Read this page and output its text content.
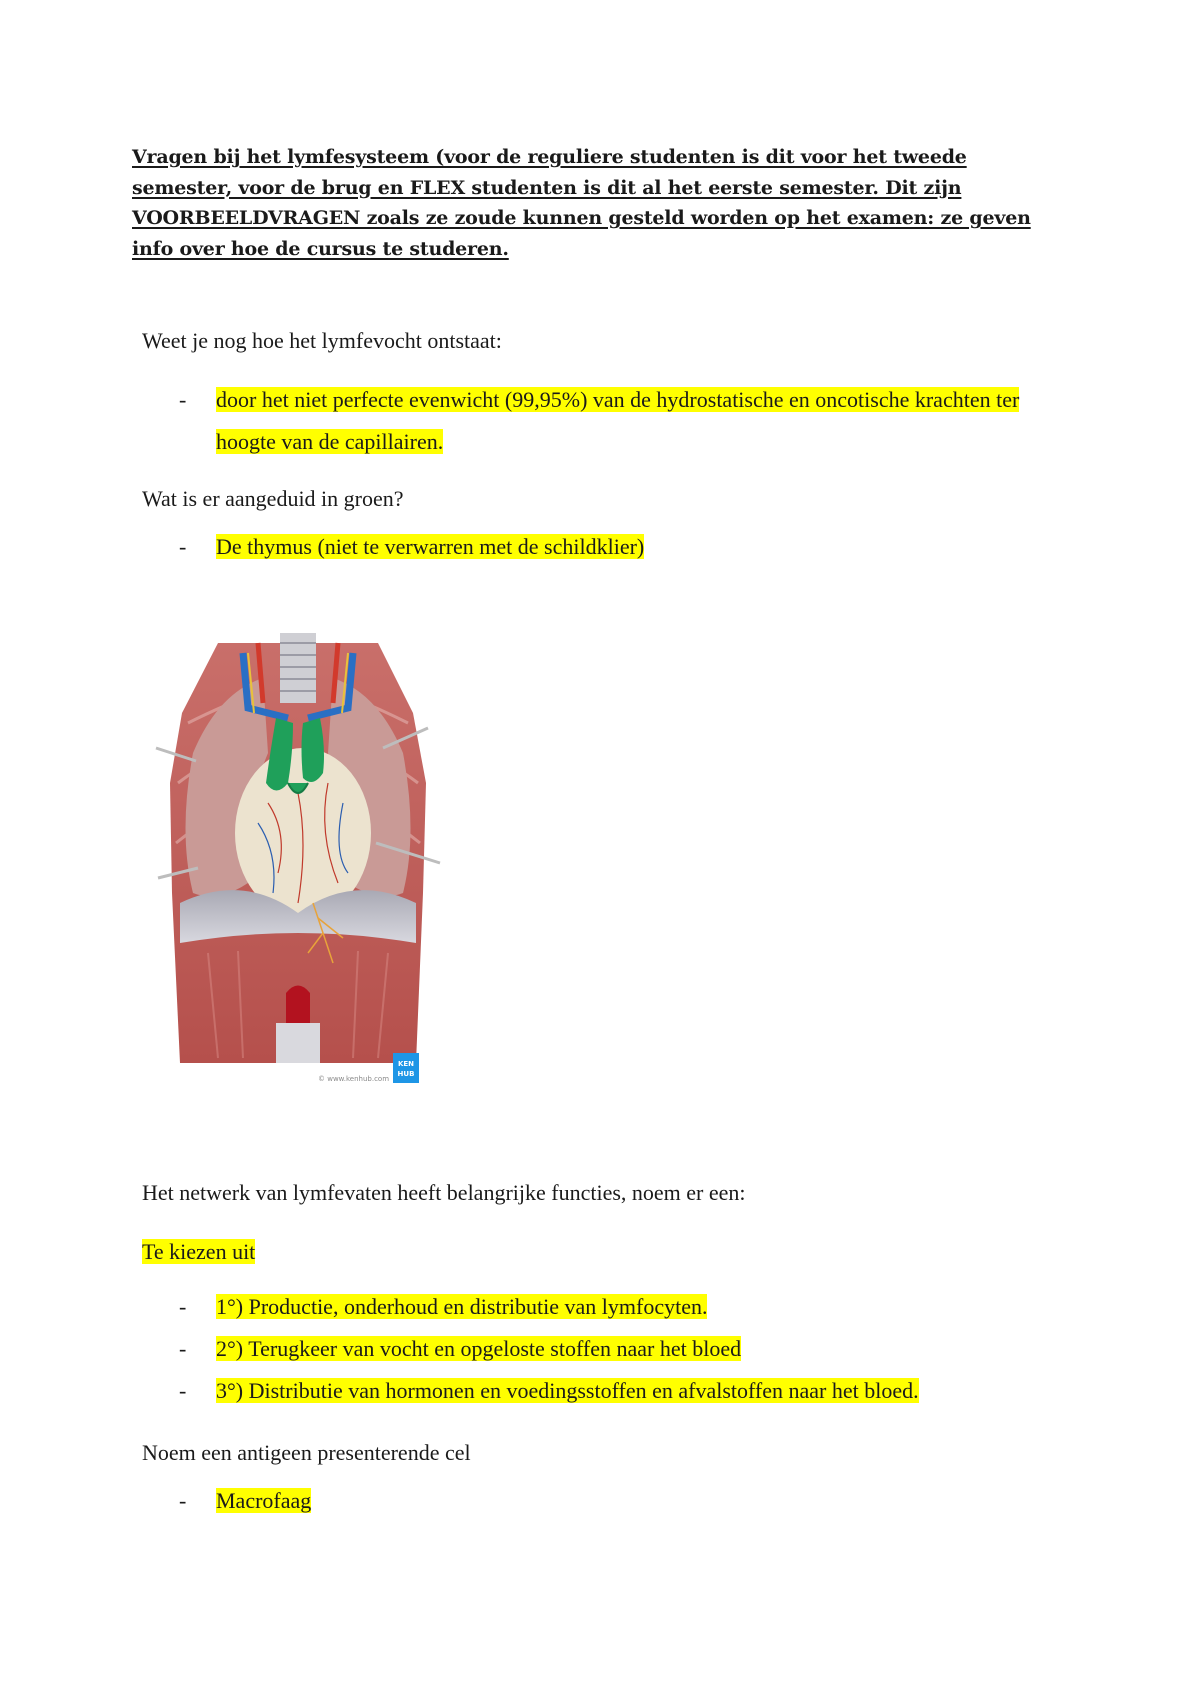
Vragen bij het lymfesysteem (voor de reguliere studenten is dit voor het tweede semester, voor de brug en FLEX studenten is dit al het eerste semester. Dit zijn VOORBEELDVRAGEN zoals ze zoude kunnen gesteld worden op het examen: ze geven info over hoe de cursus te studeren.
Weet je nog hoe het lymfevocht ontstaat:
- door het niet perfecte evenwicht (99,95%) van de hydrostatische en oncotische krachten ter hoogte van de capillairen.
Wat is er aangeduid in groen?
- De thymus (niet te verwarren met de schildklier)
© www.kenhub.com
KEN
HUB
Het netwerk van lymfevaten heeft belangrijke functies, noem er een:
Te kiezen uit
- 1°) Productie, onderhoud en distributie van lymfocyten.
- 2°) Terugkeer van vocht en opgeloste stoffen naar het bloed
- 3°) Distributie van hormonen en voedingsstoffen en afvalstoffen naar het bloed.
Noem een antigeen presenterende cel
- Macrofaag
